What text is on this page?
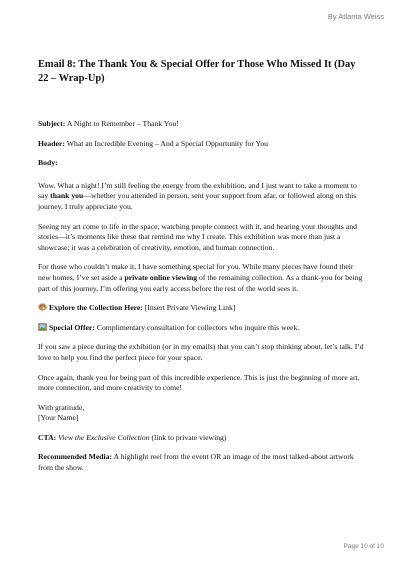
By Atlanta Weiss
Email 8: The Thank You & Special Offer for Those Who Missed It (Day 22 – Wrap-Up)

Subject: A Night to Remember – Thank You!

Header: What an Incredible Evening – And a Special Opportunity for You

Body:

Wow. What a night! I’m still feeling the energy from the exhibition, and I just want to take a moment to say thank you—whether you attended in person, sent your support from afar, or followed along on this journey, I truly appreciate you.

Seeing my art come to life in the space, watching people connect with it, and hearing your thoughts and stories—it’s moments like these that remind me why I create. This exhibition was more than just a showcase; it was a celebration of creativity, emotion, and human connection.

For those who couldn’t make it, I have something special for you. While many pieces have found their new homes, I’ve set aside a private online viewing of the remaining collection. As a thank-you for being part of this journey, I’m offering you early access before the rest of the world sees it.

Explore the Collection Here: [Insert Private Viewing Link]

Special Offer: Complimentary consultation for collectors who inquire this week.

If you saw a piece during the exhibition (or in my emails) that you can’t stop thinking about, let’s talk. I’d love to help you find the perfect piece for your space.

Once again, thank you for being part of this incredible experience. This is just the beginning of more art, more connection, and more creativity to come!

With gratitude,
[Your Name]

CTA: View the Exclusive Collection (link to private viewing)

Recommended Media: A highlight reel from the event OR an image of the most talked-about artwork from the show.

Page 10 of 10
